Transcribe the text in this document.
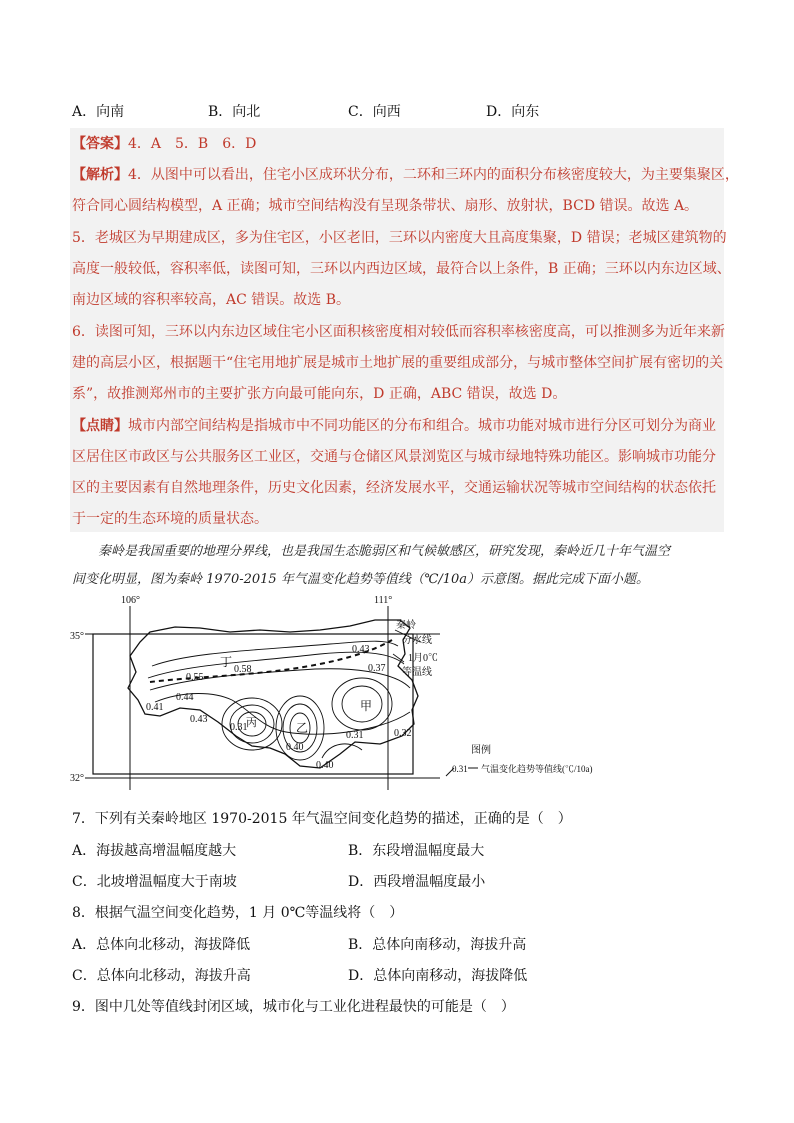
A．向南	B．向北	C．向西	D．向东
【答案】4．A　5．B　6．D
【解析】4．从图中可以看出，住宅小区成环状分布，二环和三环内的面积分布核密度较大，为主要集聚区，
符合同心圆结构模型，A 正确；城市空间结构没有呈现条带状、扇形、放射状，BCD 错误。故选 A。
5．老城区为早期建成区，多为住宅区，小区老旧，三环以内密度大且高度集聚，D 错误；老城区建筑物的
高度一般较低，容积率低，读图可知，三环以内西边区域，最符合以上条件，B 正确；三环以内东边区域、
南边区域的容积率较高，AC 错误。故选 B。
6．读图可知，三环以内东边区域住宅小区面积核密度相对较低而容积率核密度高，可以推测多为近年来新
建的高层小区，根据题干“住宅用地扩展是城市土地扩展的重要组成部分，与城市整体空间扩展有密切的关
系”，故推测郑州市的主要扩张方向最可能向东，D 正确，ABC 错误，故选 D。
【点睛】城市内部空间结构是指城市中不同功能区的分布和组合。城市功能对城市进行分区可划分为商业
区居住区市政区与公共服务区工业区，交通与仓储区风景浏览区与城市绿地特殊功能区。影响城市功能分
区的主要因素有自然地理条件，历史文化因素，经济发展水平，交通运输状况等城市空间结构的状态依托
于一定的生态环境的质量状态。
秦岭是我国重要的地理分界线，也是我国生态脆弱区和气候敏感区，研究发现，秦岭近几十年气温空
间变化明显，图为秦岭 1970-2015 年气温变化趋势等值线（℃/10a）示意图。据此完成下面小题。
106°	111°
35°
32°
丁
丙	乙
甲
0.58
0.55
0.44
0.41
0.43
0.31
0.40
0.40
0.31	0.32
0.43
0.37
秦岭
分水线
1月0℃
等温线
图例
0.31 气温变化趋势等值线(℃/10a)
7．下列有关秦岭地区 1970-2015 年气温空间变化趋势的描述，正确的是（　）
A．海拔越高增温幅度越大	B．东段增温幅度最大
C．北坡增温幅度大于南坡	D．西段增温幅度最小
8．根据气温空间变化趋势，1 月 0℃等温线将（　）
A．总体向北移动，海拔降低	B．总体向南移动，海拔升高
C．总体向北移动，海拔升高	D．总体向南移动，海拔降低
9．图中几处等值线封闭区域，城市化与工业化进程最快的可能是（　）
